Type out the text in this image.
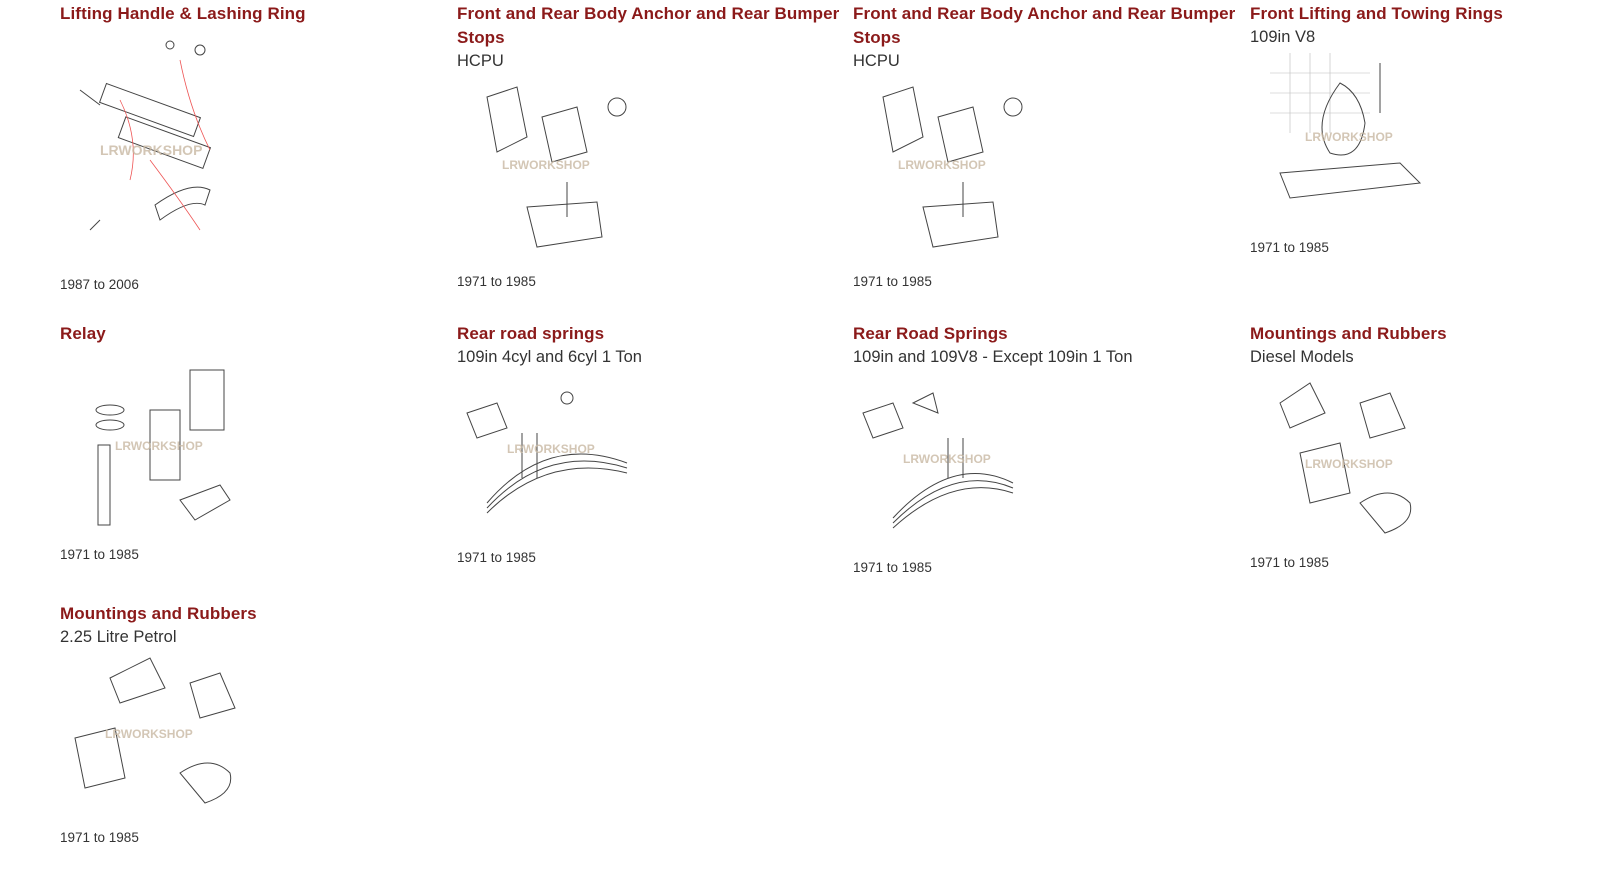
Lifting Handle & Lashing Ring
LRWORKSHOP
1987 to 2006
Front and Rear Body Anchor and Rear Bumper Stops
HCPU
LRWORKSHOP
1971 to 1985
Front and Rear Body Anchor and Rear Bumper Stops
HCPU
LRWORKSHOP
1971 to 1985
Front Lifting and Towing Rings
109in V8
LRWORKSHOP
1971 to 1985
Relay
LRWORKSHOP
1971 to 1985
Rear road springs
109in 4cyl and 6cyl 1 Ton
LRWORKSHOP
1971 to 1985
Rear Road Springs
109in and 109V8 - Except 109in 1 Ton
LRWORKSHOP
1971 to 1985
Mountings and Rubbers
Diesel Models
LRWORKSHOP
1971 to 1985
Mountings and Rubbers
2.25 Litre Petrol
LRWORKSHOP
1971 to 1985
